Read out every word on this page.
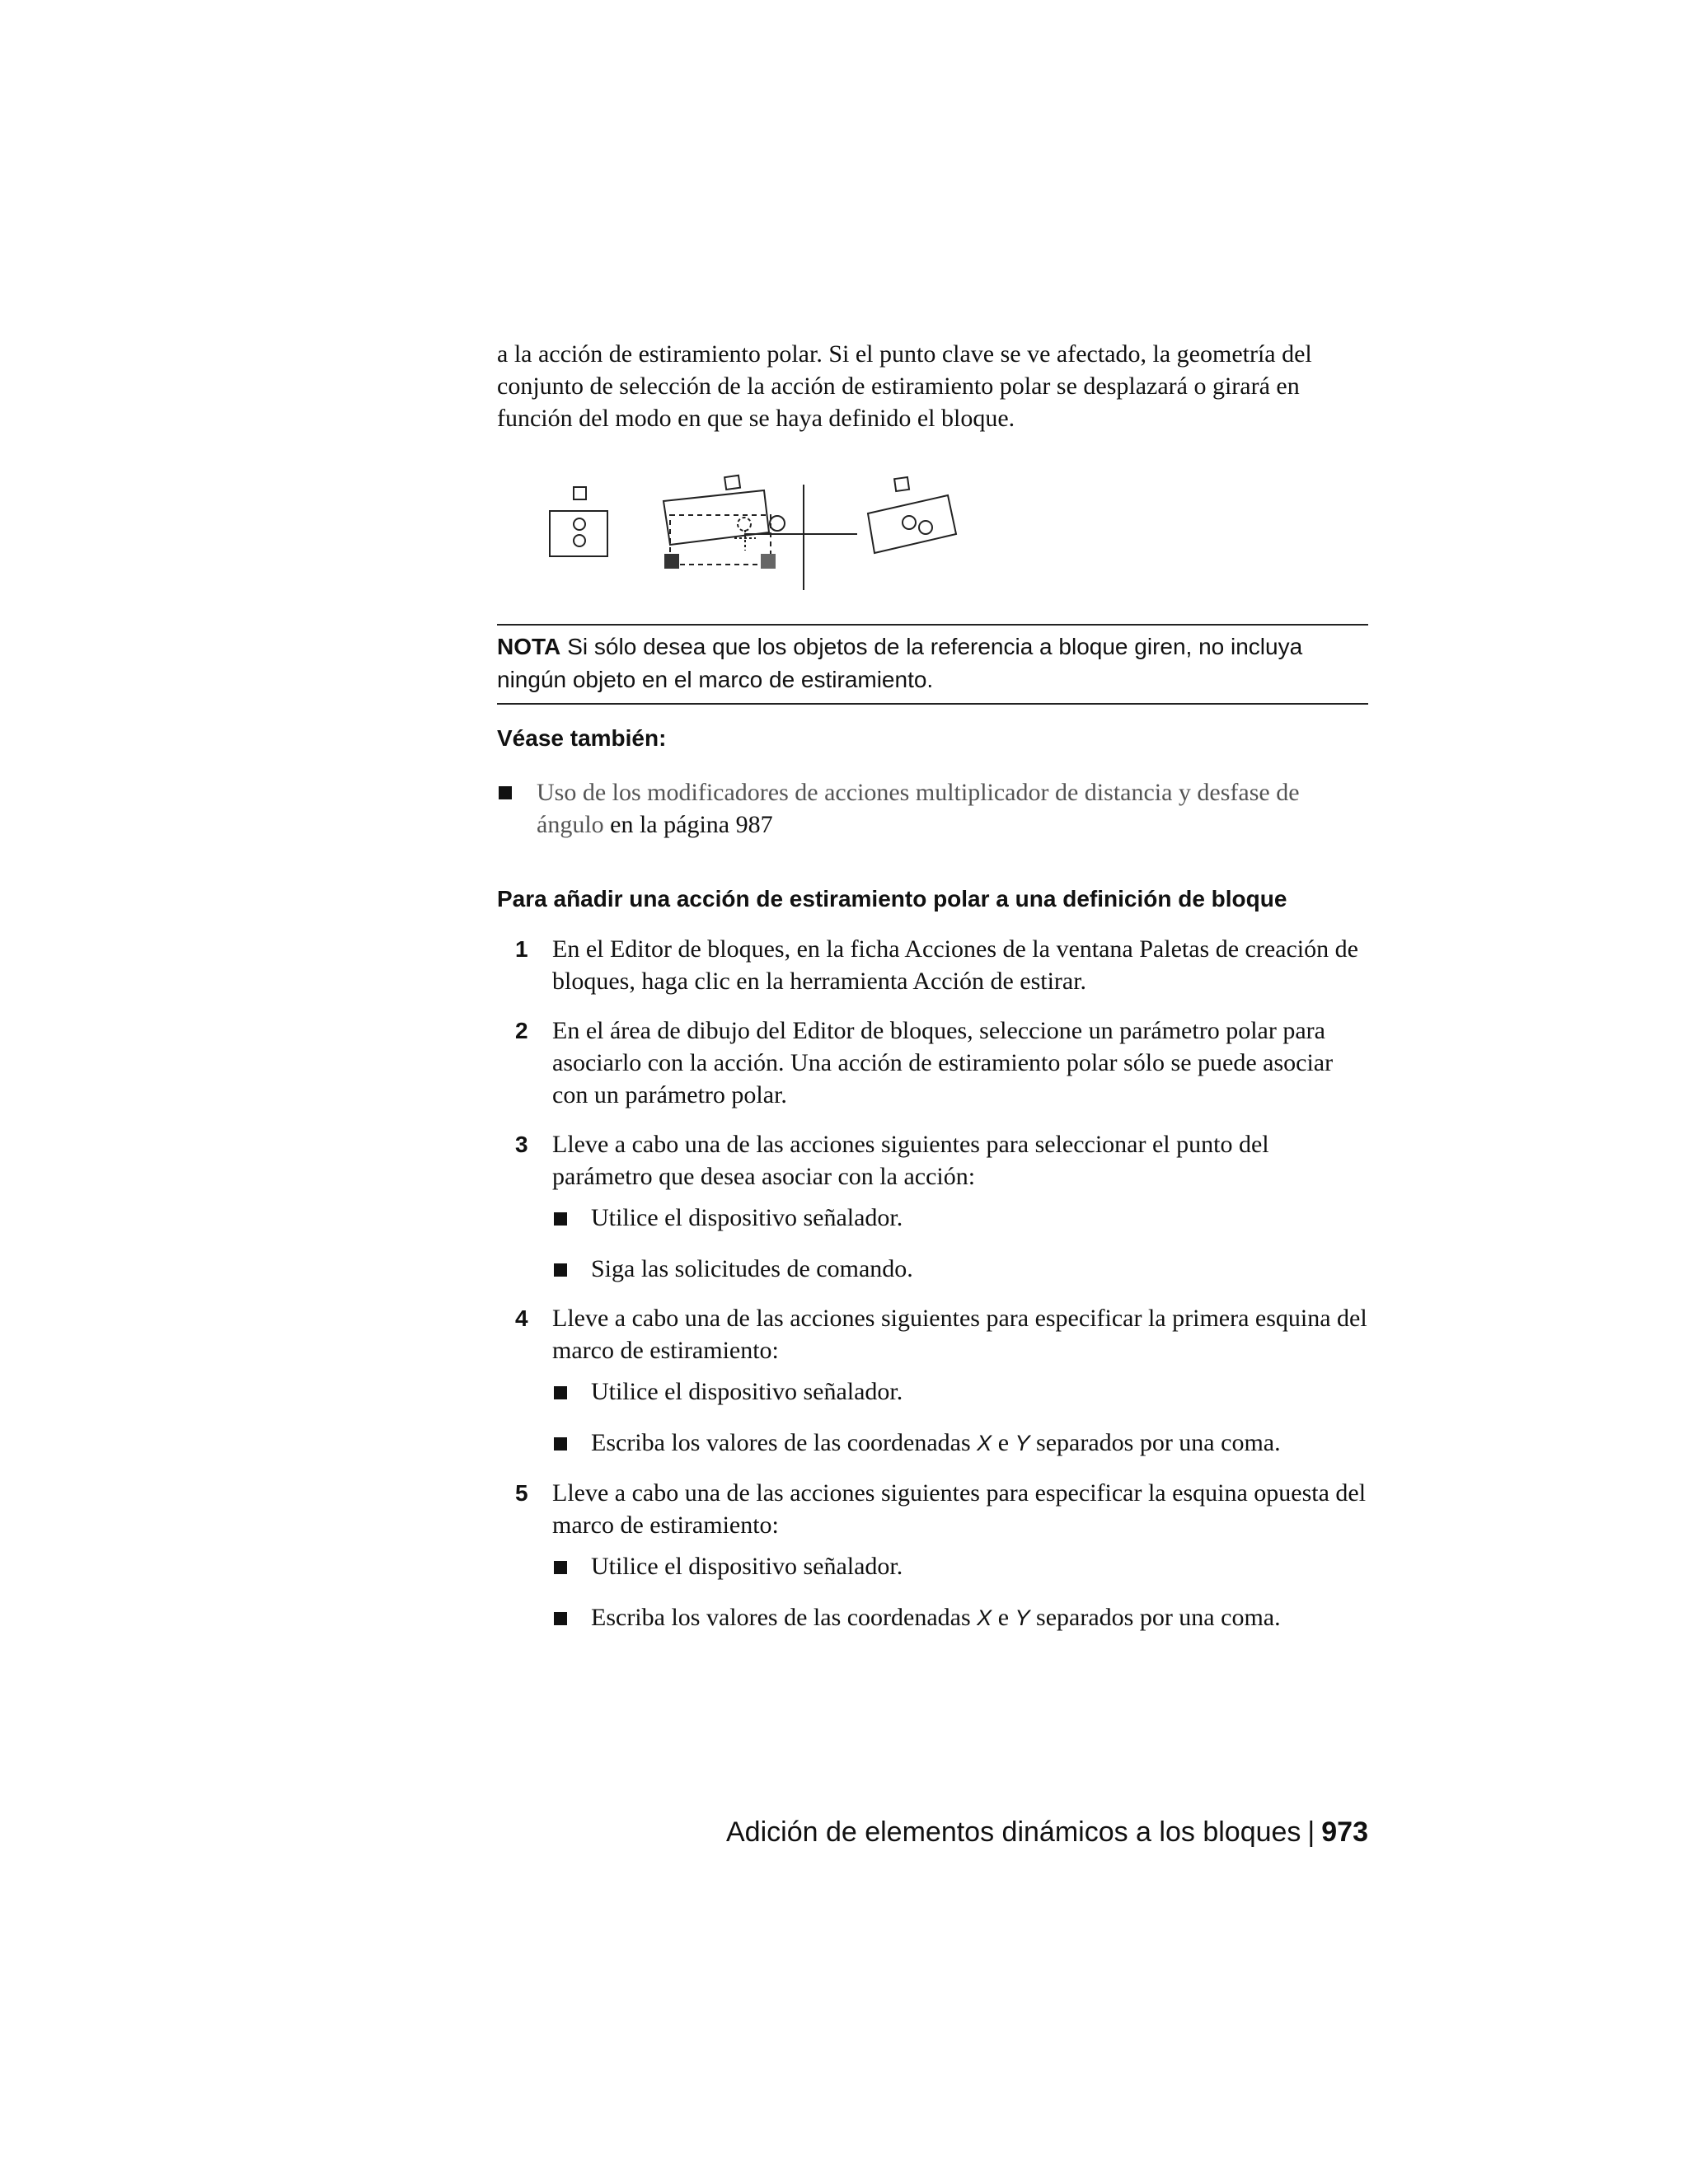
a la acción de estiramiento polar. Si el punto clave se ve afectado, la geometría del conjunto de selección de la acción de estiramiento polar se desplazará o girará en función del modo en que se haya definido el bloque.
NOTA Si sólo desea que los objetos de la referencia a bloque giren, no incluya ningún objeto en el marco de estiramiento.
Véase también:
Uso de los modificadores de acciones multiplicador de distancia y desfase de ángulo en la página 987
Para añadir una acción de estiramiento polar a una definición de bloque
1 En el Editor de bloques, en la ficha Acciones de la ventana Paletas de creación de bloques, haga clic en la herramienta Acción de estirar.
2 En el área de dibujo del Editor de bloques, seleccione un parámetro polar para asociarlo con la acción. Una acción de estiramiento polar sólo se puede asociar con un parámetro polar.
3 Lleve a cabo una de las acciones siguientes para seleccionar el punto del parámetro que desea asociar con la acción:
Utilice el dispositivo señalador.
Siga las solicitudes de comando.
4 Lleve a cabo una de las acciones siguientes para especificar la primera esquina del marco de estiramiento:
Utilice el dispositivo señalador.
Escriba los valores de las coordenadas X e Y separados por una coma.
5 Lleve a cabo una de las acciones siguientes para especificar la esquina opuesta del marco de estiramiento:
Utilice el dispositivo señalador.
Escriba los valores de las coordenadas X e Y separados por una coma.
Adición de elementos dinámicos a los bloques | 973
